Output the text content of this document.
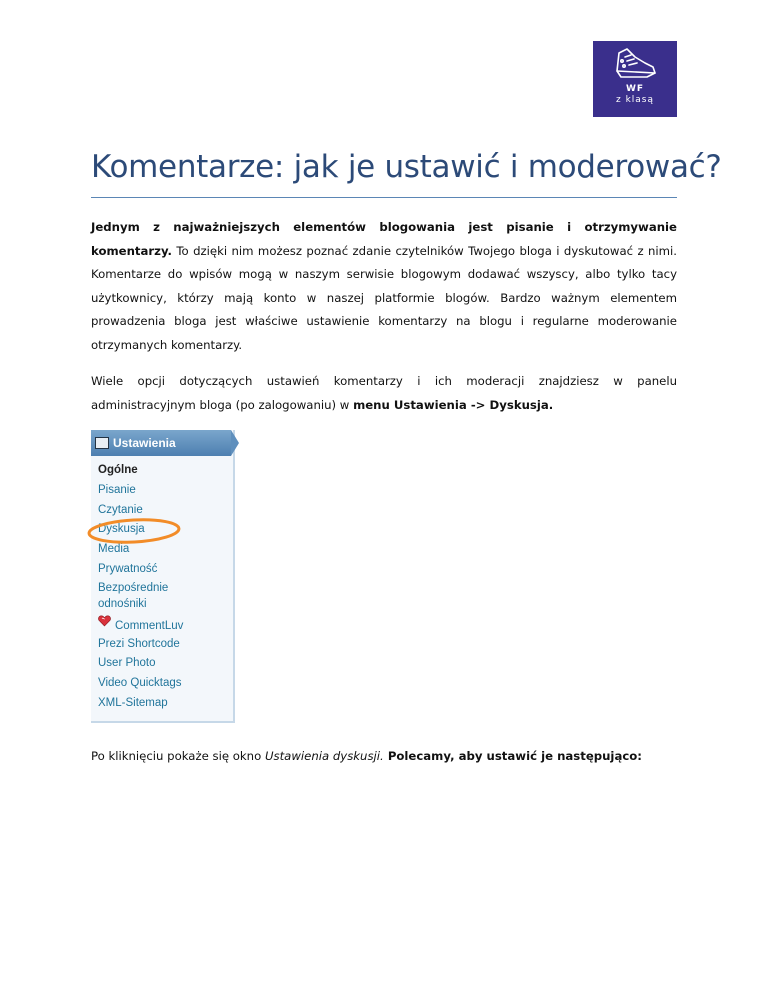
WF
z klasą
Komentarze: jak je ustawić i moderować?

Jednym z najważniejszych elementów blogowania jest pisanie i otrzymywanie komentarzy. To dzięki nim możesz poznać zdanie czytelników Twojego bloga i dyskutować z nimi. Komentarze do wpisów mogą w naszym serwisie blogowym dodawać wszyscy, albo tylko tacy użytkownicy, którzy mają konto w naszej platformie blogów. Bardzo ważnym elementem prowadzenia bloga jest właściwe ustawienie komentarzy na blogu i regularne moderowanie otrzymanych komentarzy.

Wiele opcji dotyczących ustawień komentarzy i ich moderacji znajdziesz w panelu administracyjnym bloga (po zalogowaniu) w menu Ustawienia -> Dyskusja.

Ustawienia
Ogólne
Pisanie
Czytanie
Dyskusja
Media
Prywatność
Bezpośrednie
odnośniki
CommentLuv
Prezi Shortcode
User Photo
Video Quicktags
XML-Sitemap

Po kliknięciu pokaże się okno Ustawienia dyskusji. Polecamy, aby ustawić je następująco:
